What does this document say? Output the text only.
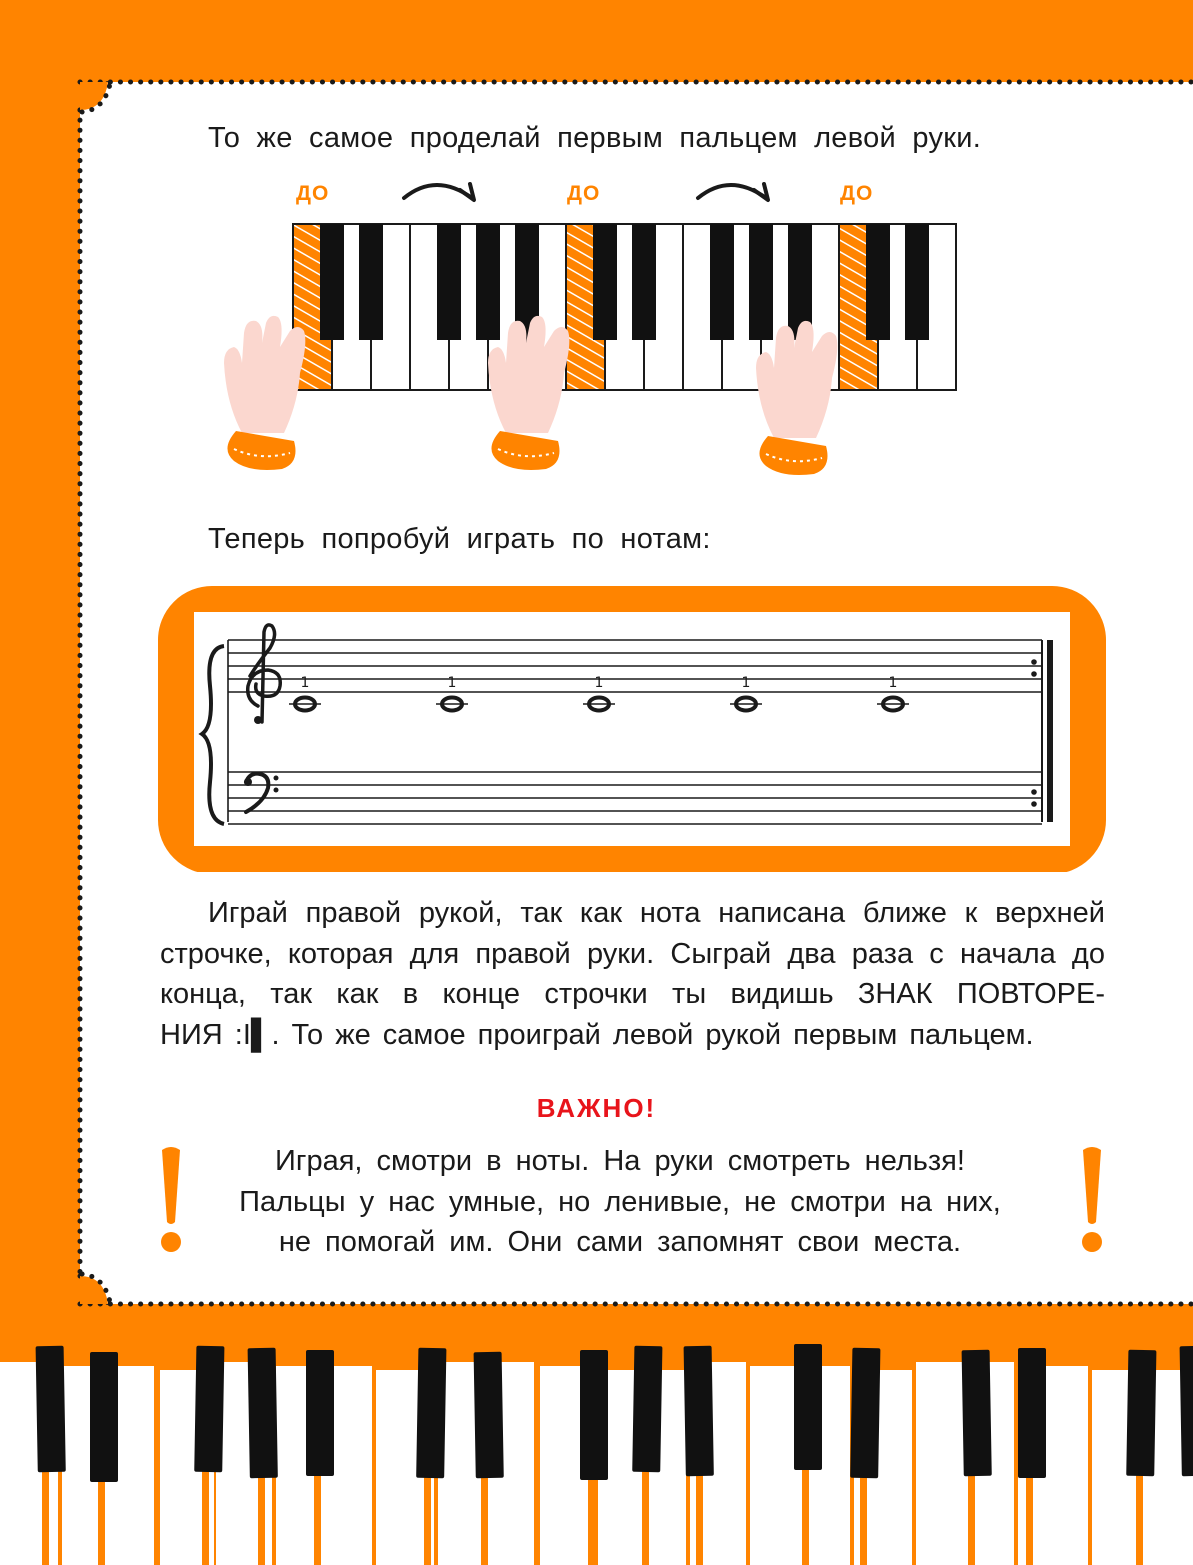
То же самое проделай первым пальцем левой руки.
ДО	ДО	ДО
Теперь попробуй играть по нотам:
1	1	1	1	1
Играй правой рукой, так как нота написана ближе к верхней
строчке, которая для правой руки. Сыграй два раза с начала до
конца, так как в конце строчки ты видишь ЗНАК ПОВТОРЕ-
НИЯ :I▌. То же самое проиграй левой рукой первым пальцем.
ВАЖНО!
Играя, смотри в ноты. На руки смотреть нельзя!
Пальцы у нас умные, но ленивые, не смотри на них,
не помогай им. Они сами запомнят свои места.
